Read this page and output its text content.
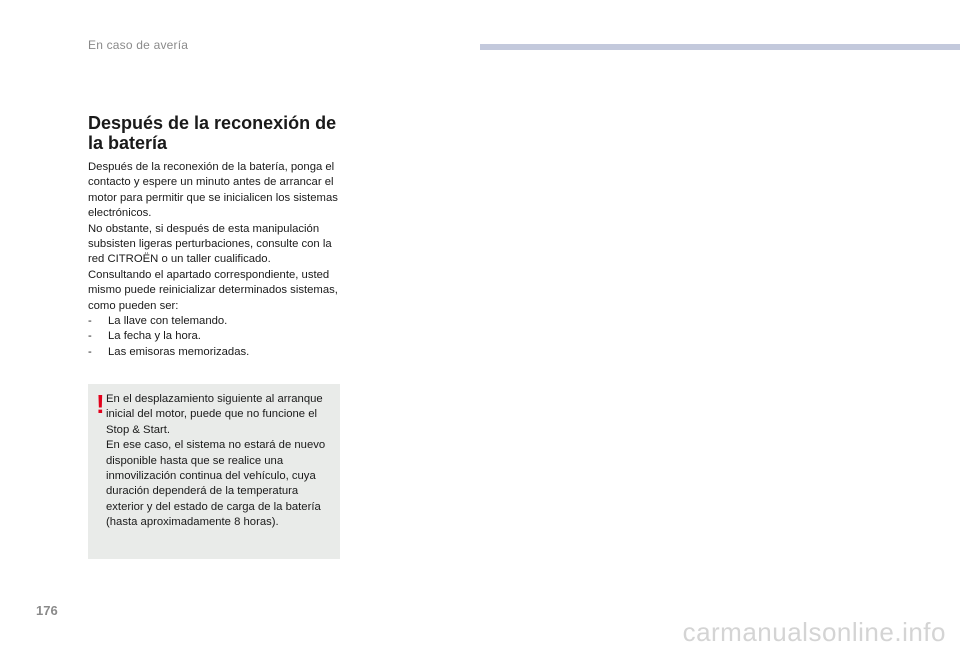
En caso de avería
Después de la reconexión de la batería

Después de la reconexión de la batería, ponga el contacto y espere un minuto antes de arrancar el motor para permitir que se inicialicen los sistemas electrónicos.

No obstante, si después de esta manipulación subsisten ligeras perturbaciones, consulte con la red CITROËN o un taller cualificado.

Consultando el apartado correspondiente, usted mismo puede reinicializar determinados sistemas, como pueden ser:

-	La llave con telemando.
-	La fecha y la hora.
-	Las emisoras memorizadas.
! En el desplazamiento siguiente al arranque inicial del motor, puede que no funcione el Stop & Start.

En ese caso, el sistema no estará de nuevo disponible hasta que se realice una inmovilización continua del vehículo, cuya duración dependerá de la temperatura exterior y del estado de carga de la batería (hasta aproximadamente 8 horas).

176
carmanualsonline.info
